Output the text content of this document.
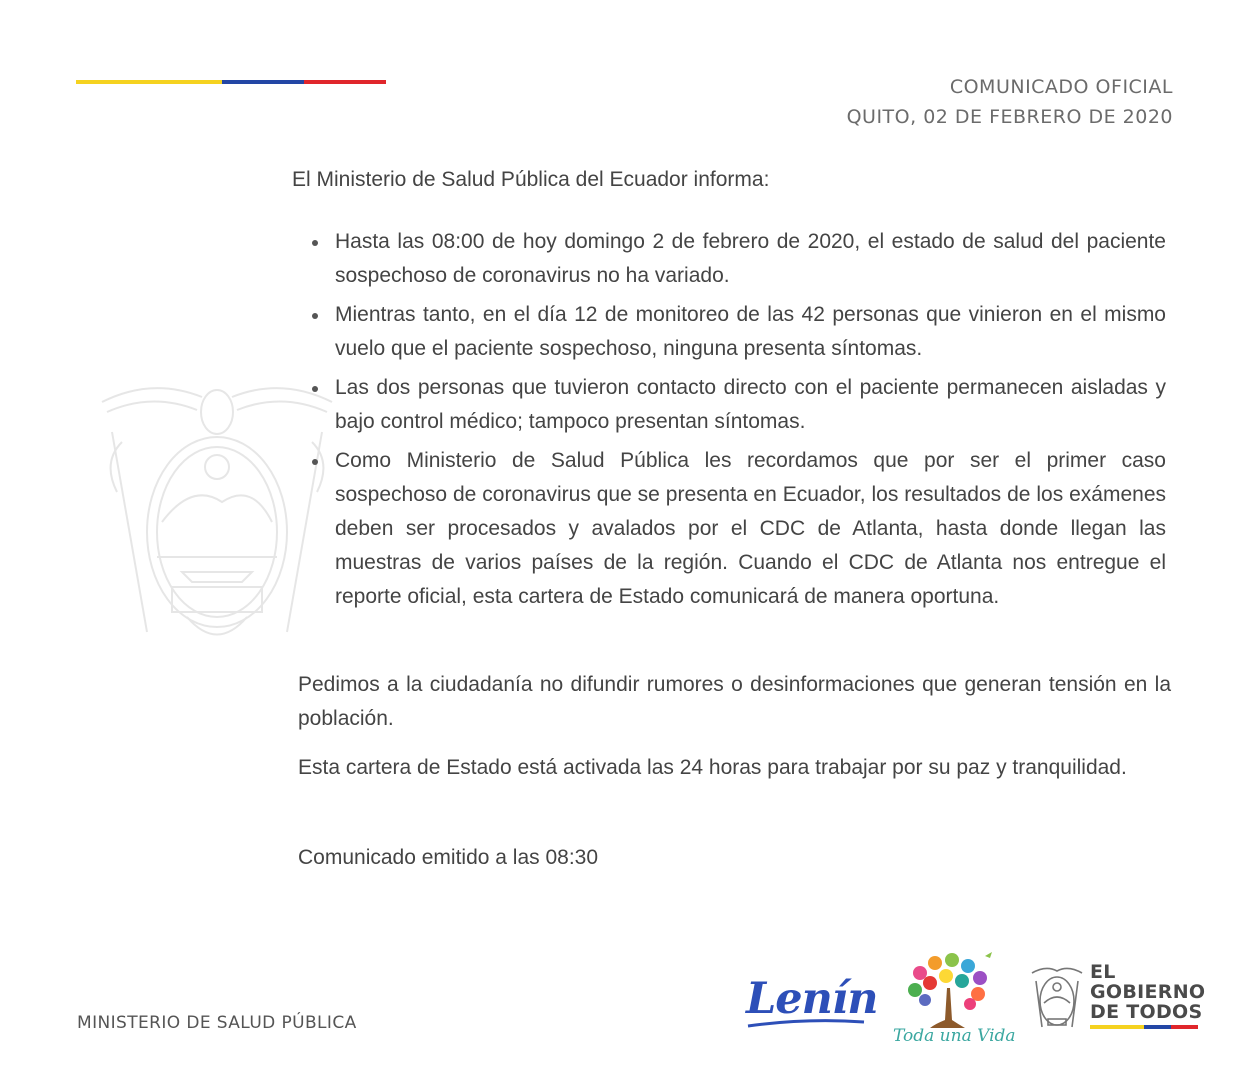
COMUNICADO OFICIAL
QUITO, 02 DE FEBRERO DE 2020
El Ministerio de Salud Pública del Ecuador informa:
Hasta las 08:00 de hoy domingo 2 de febrero de 2020, el estado de salud del paciente sospechoso de coronavirus no ha variado.
Mientras tanto, en el día 12 de monitoreo de las 42 personas que vinieron en el mismo vuelo que el paciente sospechoso, ninguna presenta síntomas.
Las dos personas que tuvieron contacto directo con el paciente permanecen aisladas y bajo control médico; tampoco presentan síntomas.
Como Ministerio de Salud Pública les recordamos que por ser el primer caso sospechoso de coronavirus que se presenta en Ecuador, los resultados de los exámenes deben ser procesados y avalados por el CDC de Atlanta, hasta donde llegan las muestras de varios países de la región. Cuando el CDC de Atlanta nos entregue el reporte oficial, esta cartera de Estado comunicará de manera oportuna.
Pedimos a la ciudadanía no difundir rumores o desinformaciones que generan tensión en la población.
Esta cartera de Estado está activada las 24 horas para trabajar por su paz y tranquilidad.
Comunicado emitido a las 08:30
MINISTERIO DE SALUD PÚBLICA	Lenín
Toda una Vida
EL
GOBIERNO
DE TODOS
